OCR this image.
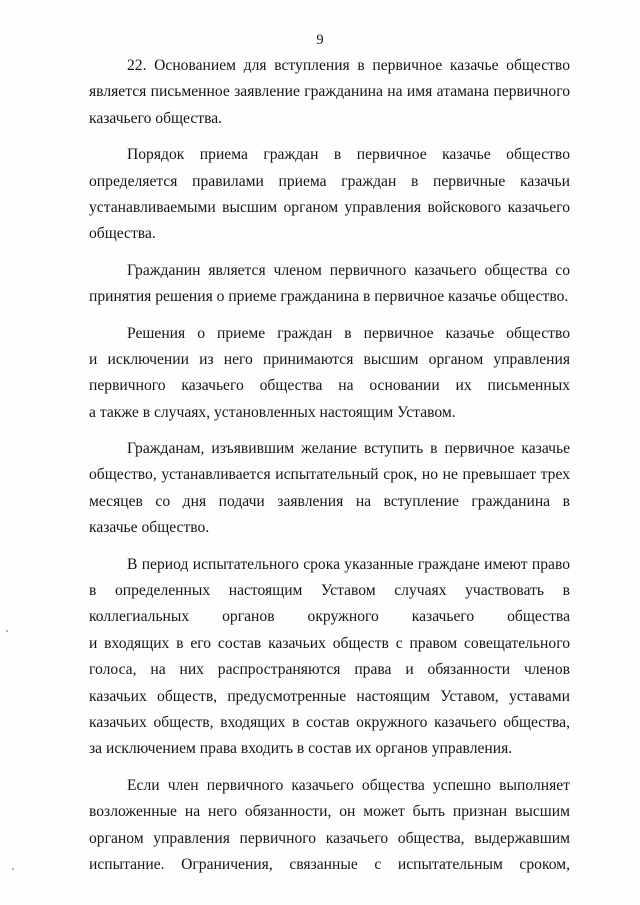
9
22. Основанием для вступления в первичное казачье общество
является письменное заявление гражданина на имя атамана первичного
казачьего общества.
Порядок приема граждан в первичное казачье общество
определяется правилами приема граждан в первичные казачьи
устанавливаемыми высшим органом управления войскового казачьего
общества.
Гражданин является членом первичного казачьего общества со
принятия решения о приеме гражданина в первичное казачье общество.
Решения о приеме граждан в первичное казачье общество
и исключении из него принимаются высшим органом управления
первичного казачьего общества на основании их письменных
а также в случаях, установленных настоящим Уставом.
Гражданам, изъявившим желание вступить в первичное казачье
общество, устанавливается испытательный срок, но не превышает трех
месяцев со дня подачи заявления на вступление гражданина в
казачье общество.
В период испытательного срока указанные граждане имеют право
в определенных настоящим Уставом случаях участвовать в
коллегиальных органов окружного казачьего общества
и входящих в его состав казачьих обществ с правом совещательного
голоса, на них распространяются права и обязанности членов
казачьих обществ, предусмотренные настоящим Уставом, уставами
казачьих обществ, входящих в состав окружного казачьего общества,
за исключением права входить в состав их органов управления.
Если член первичного казачьего общества успешно выполняет
возложенные на него обязанности, он может быть признан высшим
органом управления первичного казачьего общества, выдержавшим
испытание. Ограничения, связанные с испытательным сроком,
